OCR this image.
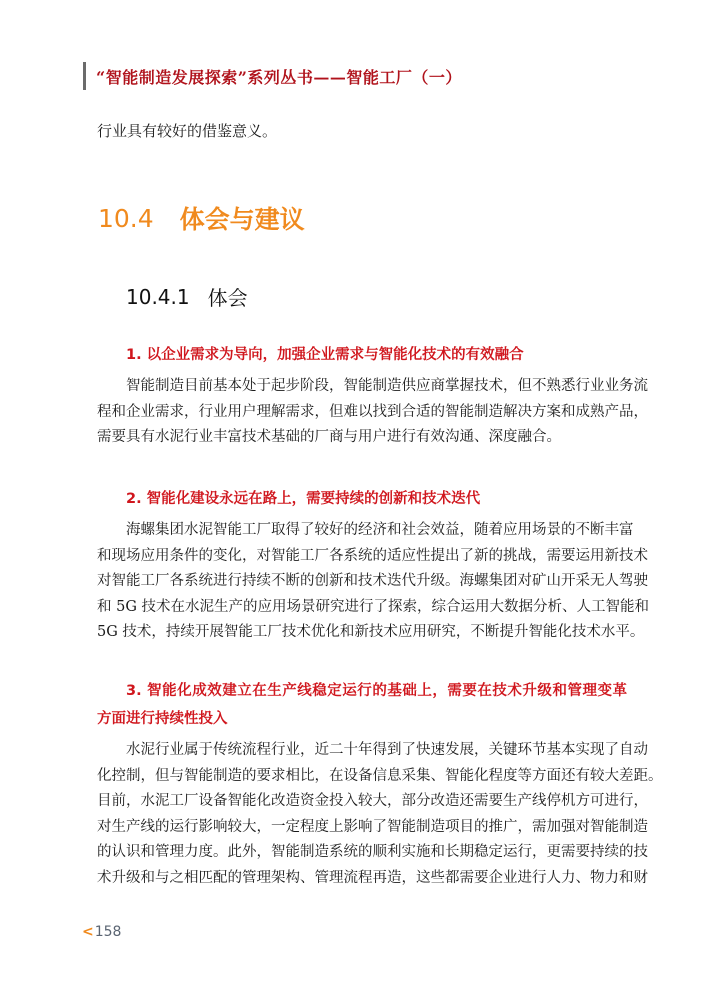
“智能制造发展探索”系列丛书——智能工厂（一）
行业具有较好的借鉴意义。
10.4 体会与建议
10.4.1 体会
1. 以企业需求为导向，加强企业需求与智能化技术的有效融合
智能制造目前基本处于起步阶段，智能制造供应商掌握技术，但不熟悉行业业务流
程和企业需求，行业用户理解需求，但难以找到合适的智能制造解决方案和成熟产品，
需要具有水泥行业丰富技术基础的厂商与用户进行有效沟通、深度融合。
2. 智能化建设永远在路上，需要持续的创新和技术迭代
海螺集团水泥智能工厂取得了较好的经济和社会效益，随着应用场景的不断丰富
和现场应用条件的变化，对智能工厂各系统的适应性提出了新的挑战，需要运用新技术
对智能工厂各系统进行持续不断的创新和技术迭代升级。海螺集团对矿山开采无人驾驶
和 5G 技术在水泥生产的应用场景研究进行了探索，综合运用大数据分析、人工智能和
5G 技术，持续开展智能工厂技术优化和新技术应用研究，不断提升智能化技术水平。
3. 智能化成效建立在生产线稳定运行的基础上，需要在技术升级和管理变革
方面进行持续性投入
水泥行业属于传统流程行业，近二十年得到了快速发展，关键环节基本实现了自动
化控制，但与智能制造的要求相比，在设备信息采集、智能化程度等方面还有较大差距。
目前，水泥工厂设备智能化改造资金投入较大，部分改造还需要生产线停机方可进行，
对生产线的运行影响较大，一定程度上影响了智能制造项目的推广，需加强对智能制造
的认识和管理力度。此外，智能制造系统的顺利实施和长期稳定运行，更需要持续的技
术升级和与之相匹配的管理架构、管理流程再造，这些都需要企业进行人力、物力和财
< 158
